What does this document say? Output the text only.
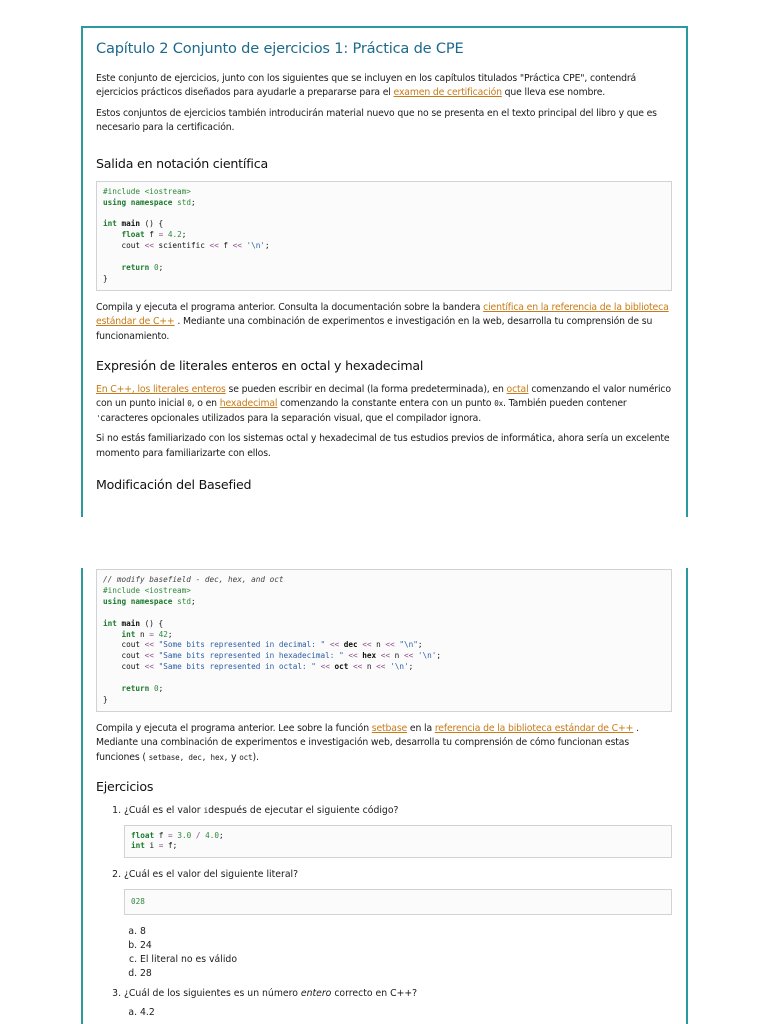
Capítulo 2 Conjunto de ejercicios 1: Práctica de CPE

Este conjunto de ejercicios, junto con los siguientes que se incluyen en los capítulos titulados "Práctica CPE", contendrá ejercicios prácticos diseñados para ayudarle a prepararse para el examen de certificación que lleva ese nombre.

Estos conjuntos de ejercicios también introducirán material nuevo que no se presenta en el texto principal del libro y que es necesario para la certificación.

Salida en notación científica
#include <iostream>
using namespace std;

int main () {
float f = 4.2;
cout << scientific << f << '\n';

return 0;
}

Compila y ejecuta el programa anterior. Consulta la documentación sobre la bandera científica en la referencia de la biblioteca estándar de C++ . Mediante una combinación de experimentos e investigación en la web, desarrolla tu comprensión de su funcionamiento.

Expresión de literales enteros en octal y hexadecimal

En C++, los literales enteros se pueden escribir en decimal (la forma predeterminada), en octal comenzando el valor numérico con un punto inicial 0, o en hexadecimal comenzando la constante entera con un punto 0x. También pueden contener 'caracteres opcionales utilizados para la separación visual, que el compilador ignora.

Si no estás familiarizado con los sistemas octal y hexadecimal de tus estudios previos de informática, ahora sería un excelente momento para familiarizarte con ellos.

Modificación del Basefied
// modify basefield - dec, hex, and oct
#include <iostream>
using namespace std;

int main () {
int n = 42;
cout << "Some bits represented in decimal: " << dec << n << "\n";
cout << "Same bits represented in hexadecimal: " << hex << n << '\n';
cout << "Same bits represented in octal: " << oct << n << '\n';

return 0;
}

Compila y ejecuta el programa anterior. Lee sobre la función setbase en la referencia de la biblioteca estándar de C++ . Mediante una combinación de experimentos e investigación web, desarrolla tu comprensión de cómo funcionan estas funciones ( setbase, dec, hex, y oct).

Ejercicios
1. ¿Cuál es el valor idespués de ejecutar el siguiente código?
float f = 3.0 / 4.0;
int i = f;
2. ¿Cuál es el valor del siguiente literal?
028
a. 8
b. 24
c. El literal no es válido
d. 28
3. ¿Cuál de los siguientes es un número entero correcto en C++?
a. 4.2
